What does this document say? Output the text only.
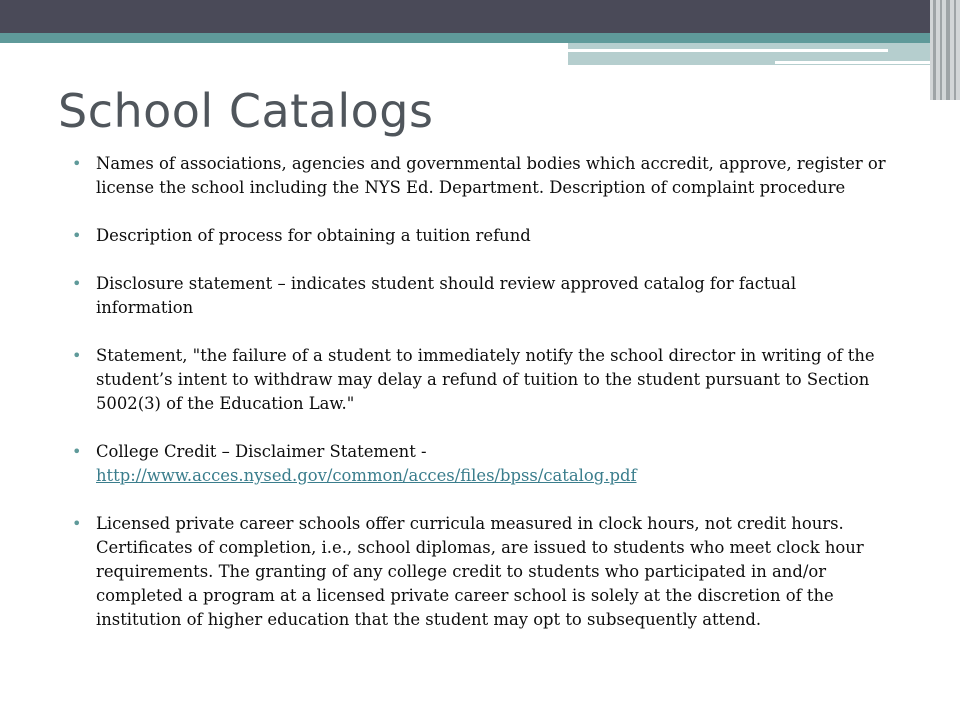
School Catalogs
• Names of associations, agencies and governmental bodies which accredit, approve, register or license the school including the NYS Ed. Department. Description of complaint procedure
• Description of process for obtaining a tuition refund
• Disclosure statement – indicates student should review approved catalog for factual information
• Statement, "the failure of a student to immediately notify the school director in writing of the student’s intent to withdraw may delay a refund of tuition to the student pursuant to Section 5002(3) of the Education Law."
• College Credit – Disclaimer Statement - http://www.acces.nysed.gov/common/acces/files/bpss/catalog.pdf
• Licensed private career schools offer curricula measured in clock hours, not credit hours. Certificates of completion, i.e., school diplomas, are issued to students who meet clock hour requirements. The granting of any college credit to students who participated in and/or completed a program at a licensed private career school is solely at the discretion of the institution of higher education that the student may opt to subsequently attend.
